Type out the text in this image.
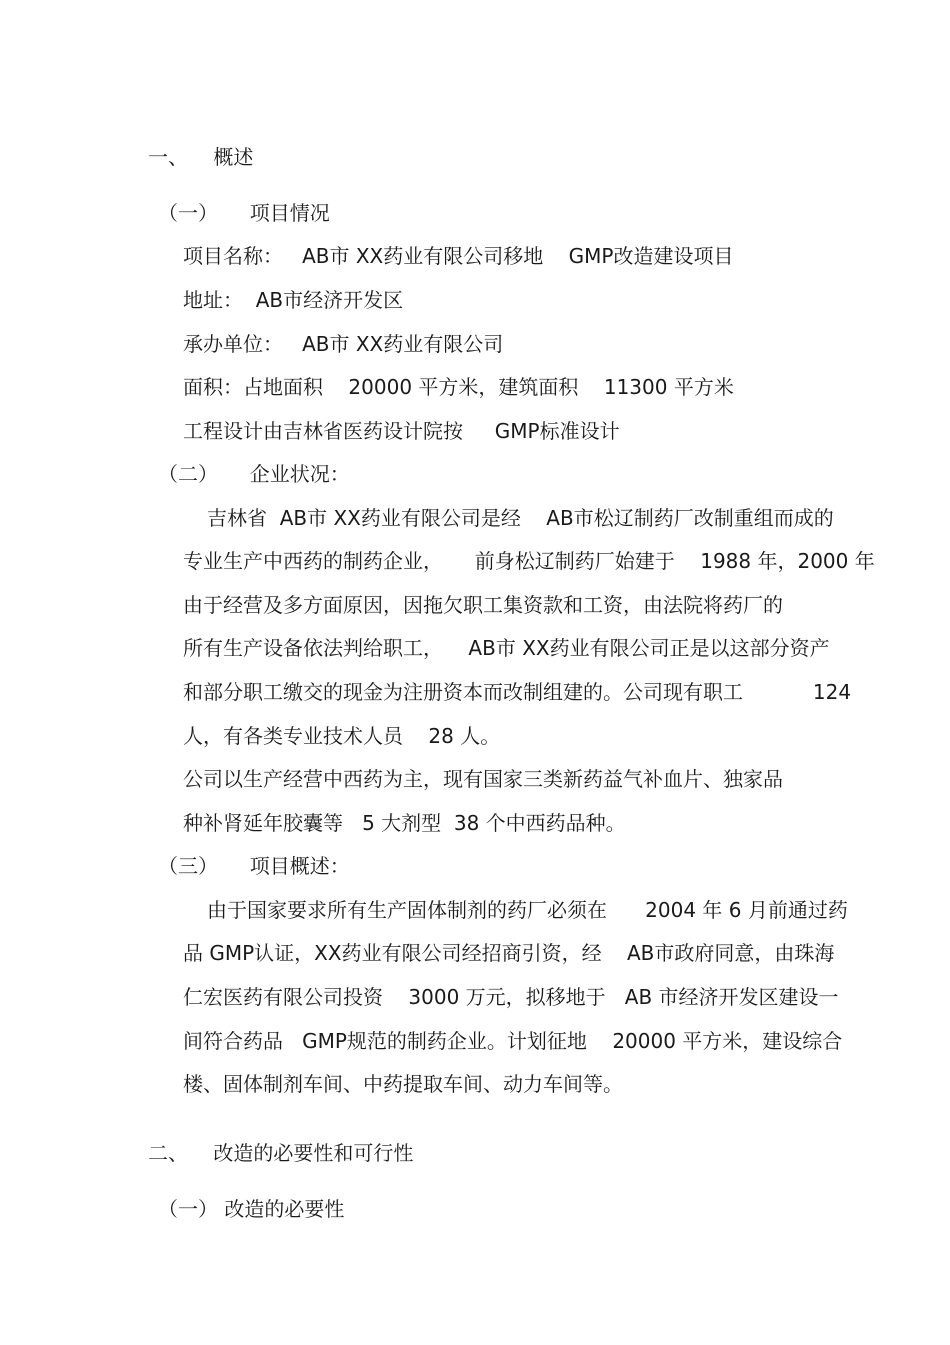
一、    概述
（一）     项目情况
项目名称：   AB市 XX药业有限公司移地    GMP改造建设项目
地址：  AB市经济开发区
承办单位：   AB市 XX药业有限公司
面积：占地面积    20000 平方米，建筑面积    11300 平方米
工程设计由吉林省医药设计院按     GMP标准设计
（二）     企业状况：
吉林省  AB市 XX药业有限公司是经    AB市松辽制药厂改制重组而成的
专业生产中西药的制药企业，     前身松辽制药厂始建于    1988 年，2000 年
由于经营及多方面原因，因拖欠职工集资款和工资，由法院将药厂的
所有生产设备依法判给职工，    AB市 XX药业有限公司正是以这部分资产
和部分职工缴交的现金为注册资本而改制组建的。公司现有职工           124
人，有各类专业技术人员    28 人。
公司以生产经营中西药为主，现有国家三类新药益气补血片、独家品
种补肾延年胶囊等   5 大剂型  38 个中西药品种。
（三）     项目概述：
由于国家要求所有生产固体制剂的药厂必须在      2004 年 6 月前通过药
品 GMP认证，XX药业有限公司经招商引资，经    AB市政府同意，由珠海
仁宏医药有限公司投资    3000 万元，拟移地于   AB 市经济开发区建设一
间符合药品   GMP规范的制药企业。计划征地    20000 平方米，建设综合
楼、固体制剂车间、中药提取车间、动力车间等。
二、    改造的必要性和可行性
（一） 改造的必要性
